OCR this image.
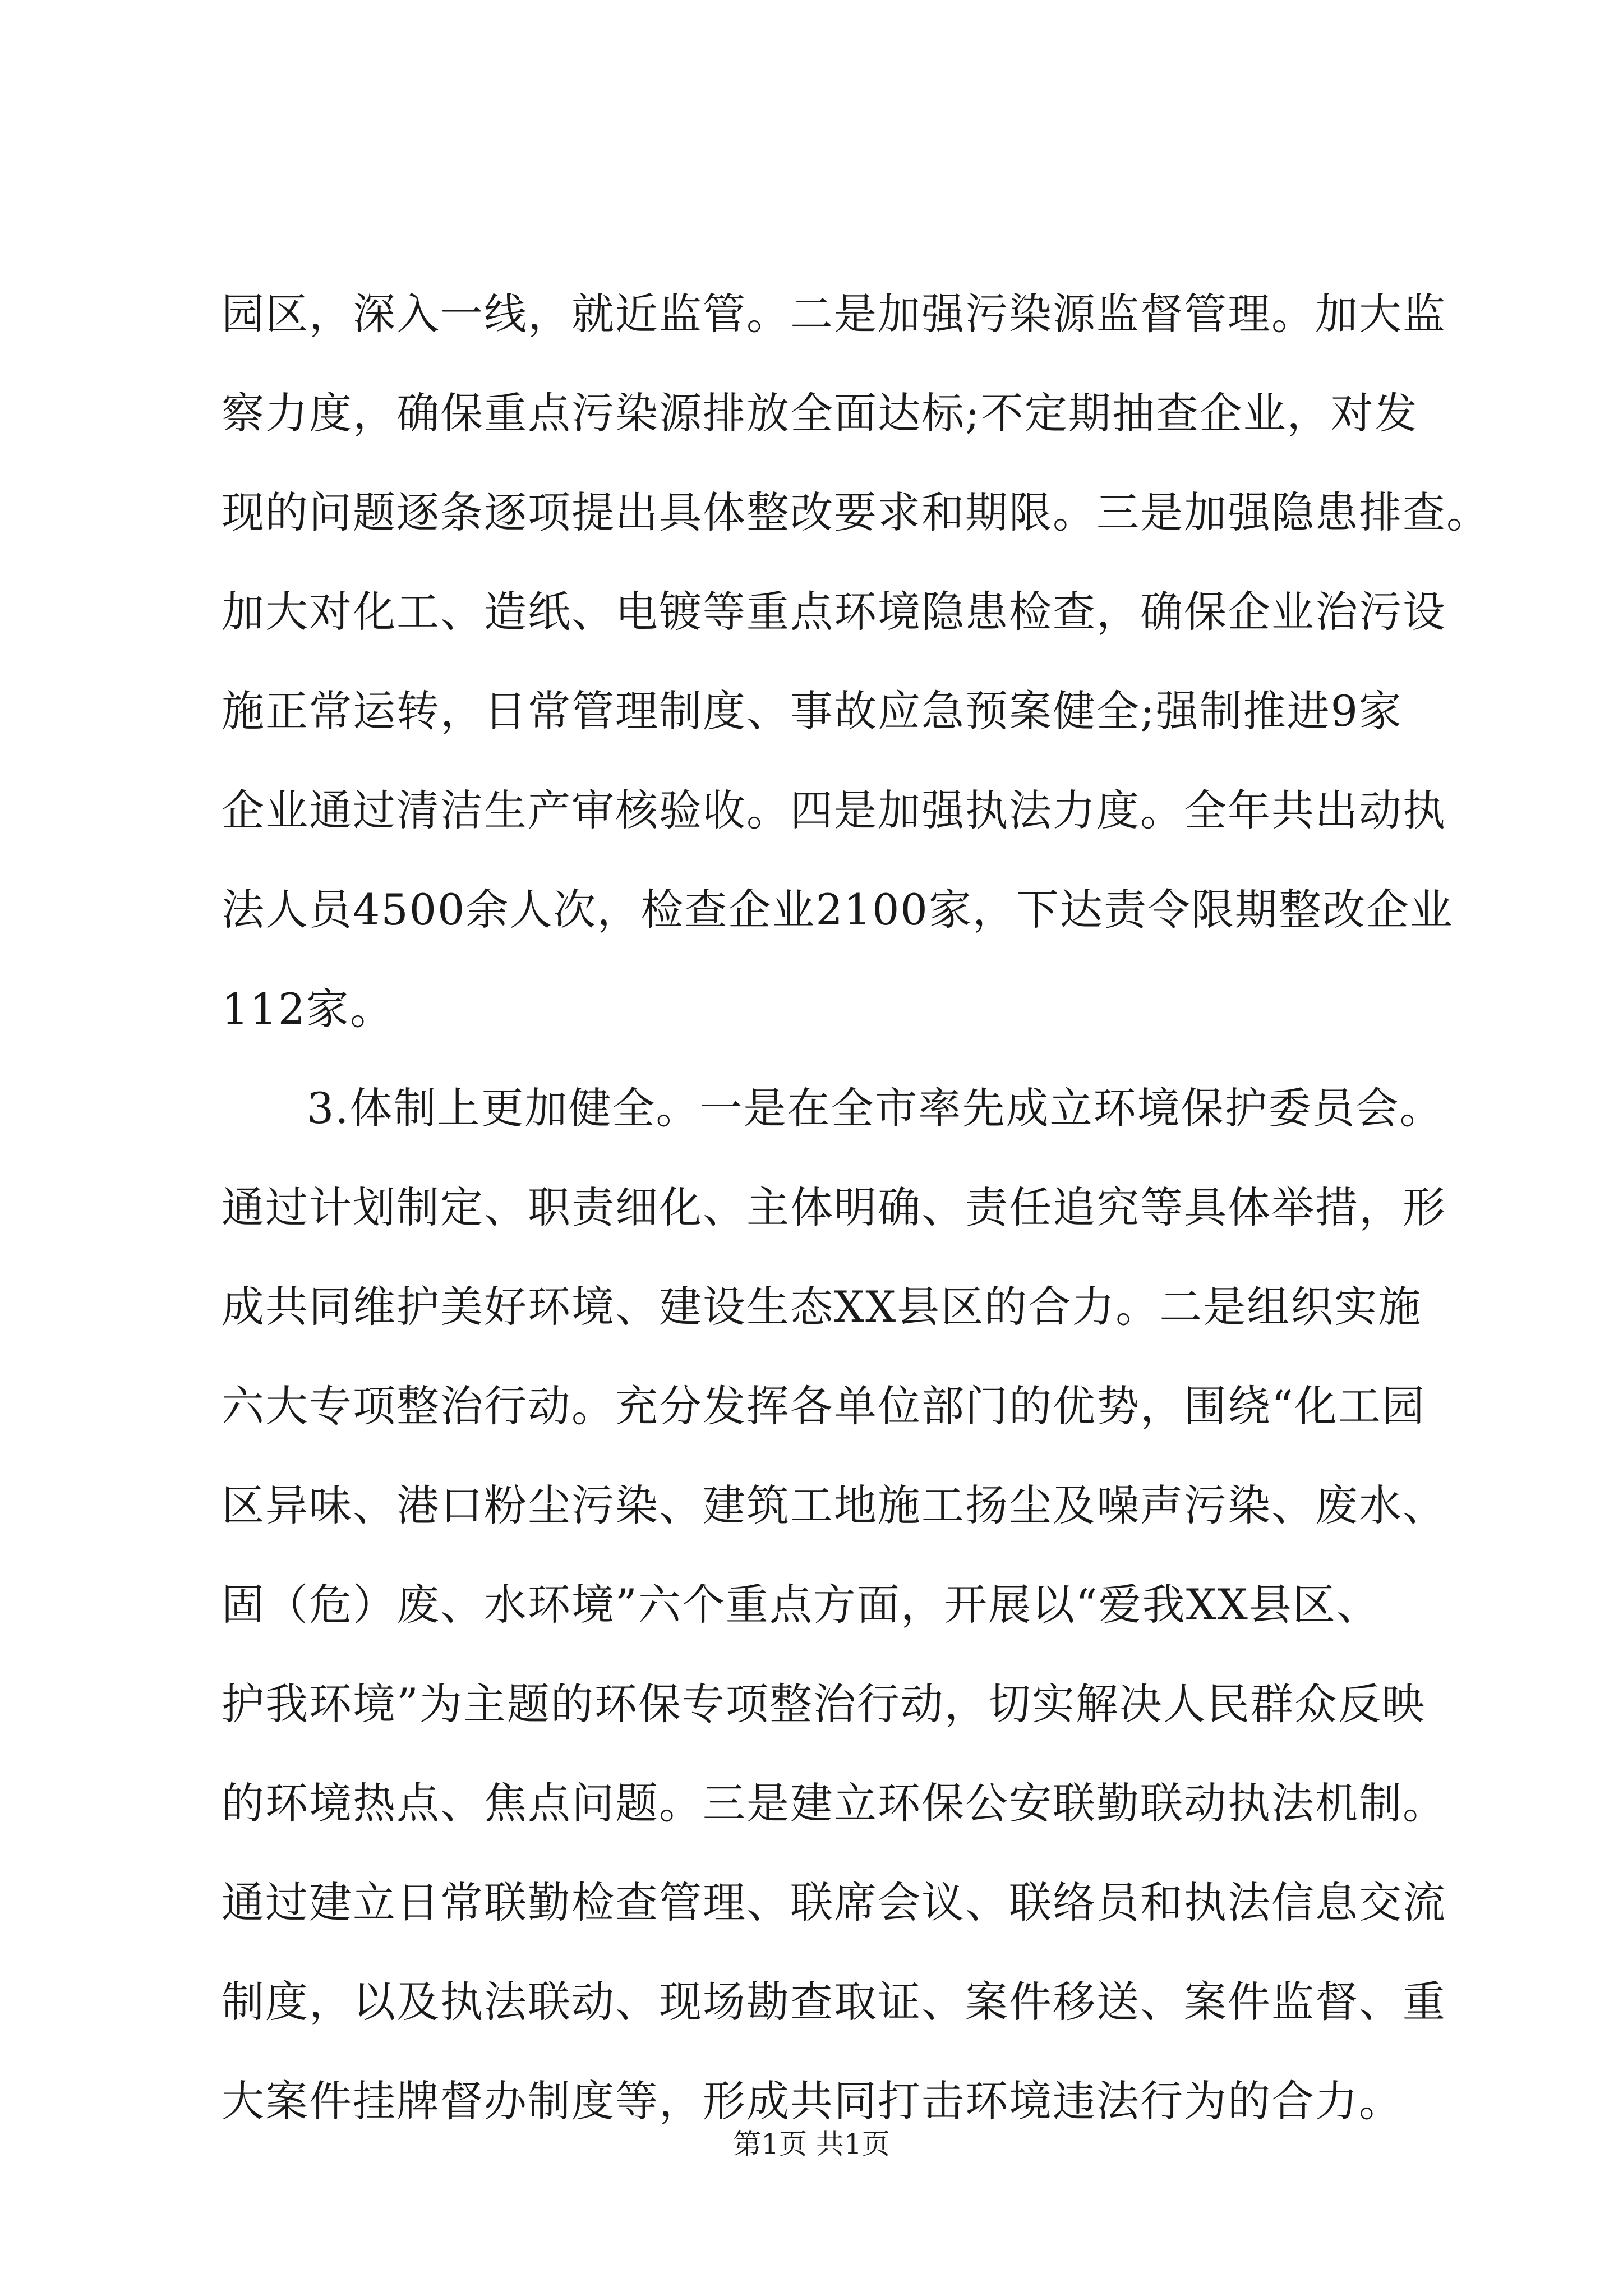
园区，深入一线，就近监管。二是加强污染源监督管理。加大监
察力度，确保重点污染源排放全面达标;不定期抽查企业，对发
现的问题逐条逐项提出具体整改要求和期限。三是加强隐患排查。
加大对化工、造纸、电镀等重点环境隐患检查，确保企业治污设
施正常运转，日常管理制度、事故应急预案健全;强制推进9家
企业通过清洁生产审核验收。四是加强执法力度。全年共出动执
法人员4500余人次，检查企业2100家，下达责令限期整改企业
112家。
3.体制上更加健全。一是在全市率先成立环境保护委员会。
通过计划制定、职责细化、主体明确、责任追究等具体举措，形
成共同维护美好环境、建设生态XX县区的合力。二是组织实施
六大专项整治行动。充分发挥各单位部门的优势，围绕“化工园
区异味、港口粉尘污染、建筑工地施工扬尘及噪声污染、废水、
固（危）废、水环境”六个重点方面，开展以“爱我XX县区、
护我环境”为主题的环保专项整治行动，切实解决人民群众反映
的环境热点、焦点问题。三是建立环保公安联勤联动执法机制。
通过建立日常联勤检查管理、联席会议、联络员和执法信息交流
制度，以及执法联动、现场勘查取证、案件移送、案件监督、重
大案件挂牌督办制度等，形成共同打击环境违法行为的合力。
第1页 共1页
